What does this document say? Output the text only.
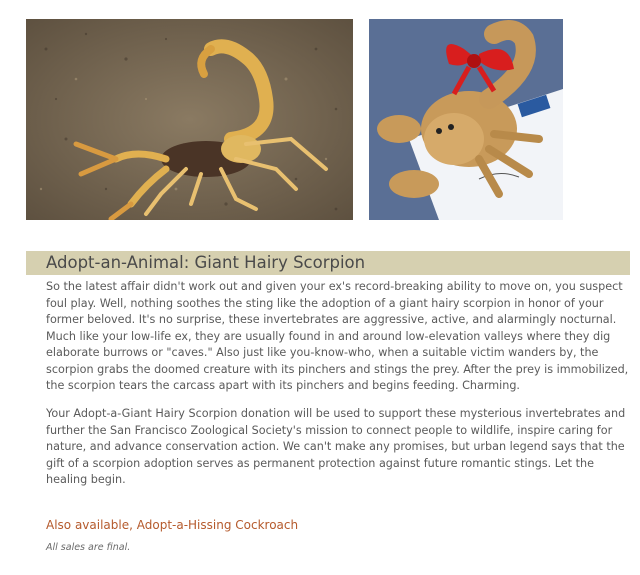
Adopt-an-Animal: Giant Hairy Scorpion

So the latest affair didn't work out and given your ex's record-breaking ability to move on, you suspect foul play. Well, nothing soothes the sting like the adoption of a giant hairy scorpion in honor of your former beloved. It's no surprise, these invertebrates are aggressive, active, and alarmingly nocturnal. Much like your low-life ex, they are usually found in and around low-elevation valleys where they dig elaborate burrows or "caves." Also just like you-know-who, when a suitable victim wanders by, the scorpion grabs the doomed creature with its pinchers and stings the prey. After the prey is immobilized, the scorpion tears the carcass apart with its pinchers and begins feeding. Charming.

Your Adopt-a-Giant Hairy Scorpion donation will be used to support these mysterious invertebrates and further the San Francisco Zoological Society's mission to connect people to wildlife, inspire caring for nature, and advance conservation action. We can't make any promises, but urban legend says that the gift of a scorpion adoption serves as permanent protection against future romantic stings. Let the healing begin.

Also available, Adopt-a-Hissing Cockroach
All sales are final.
